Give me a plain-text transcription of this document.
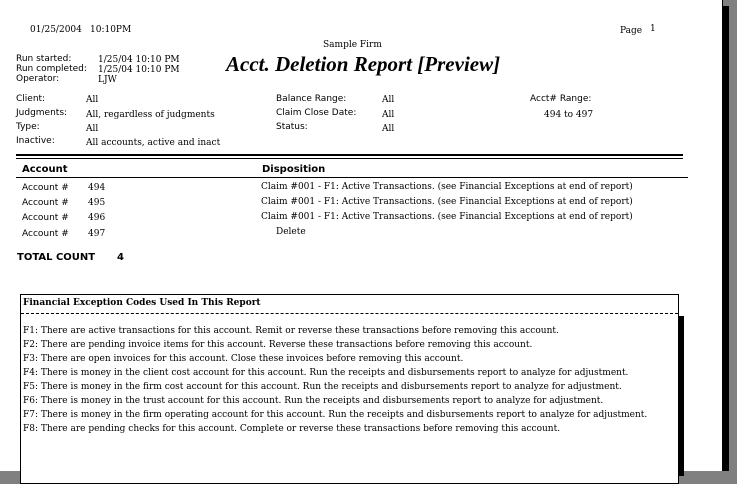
01/25/2004 10:10PM	Page 1
Sample Firm
Acct. Deletion Report [Preview]
Run started:	1/25/04 10:10 PM
Run completed: 1/25/04 10:10 PM
Operator:	LJW
Client:	All
Judgments: All, regardless of judgments
Type:	All
Inactive:	All accounts, active and inact
Balance Range:	All
Claim Close Date:	All
Status:	All
Acct# Range:
494 to 497
Account	Disposition
Account # 494	Claim #001 - F1: Active Transactions. (see Financial Exceptions at end of report)
Account # 495	Claim #001 - F1: Active Transactions. (see Financial Exceptions at end of report)
Account # 496	Claim #001 - F1: Active Transactions. (see Financial Exceptions at end of report)
Account # 497	Delete
TOTAL COUNT 4
Financial Exception Codes Used In This Report
F1: There are active transactions for this account. Remit or reverse these transactions before removing this account.
F2: There are pending invoice items for this account. Reverse these transactions before removing this account.
F3: There are open invoices for this account. Close these invoices before removing this account.
F4: There is money in the client cost account for this account. Run the receipts and disbursements report to analyze for adjustment.
F5: There is money in the firm cost account for this account. Run the receipts and disbursements report to analyze for adjustment.
F6: There is money in the trust account for this account. Run the receipts and disbursements report to analyze for adjustment.
F7: There is money in the firm operating account for this account. Run the receipts and disbursements report to analyze for adjustment.
F8: There are pending checks for this account. Complete or reverse these transactions before removing this account.
